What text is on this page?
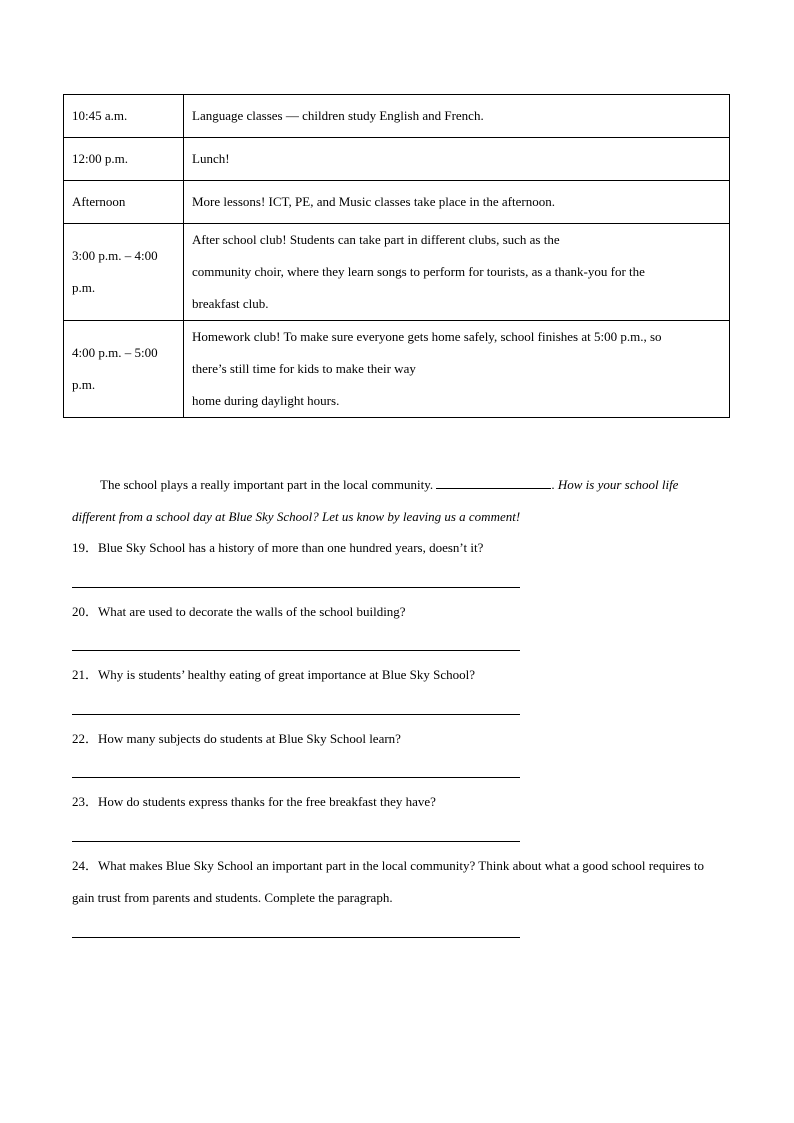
10:45 a.m.	Language classes — children study English and French.
12:00 p.m.	Lunch!
Afternoon	More lessons! ICT, PE, and Music classes take place in the afternoon.
3:00 p.m. – 4:00 p.m.	After school club! Students can take part in different clubs, such as the
community choir, where they learn songs to perform for tourists, as a thank-you for the
breakfast club.

4:00 p.m. – 5:00 p.m.	Homework club! To make sure everyone gets home safely, school finishes at 5:00 p.m., so
there’s still time for kids to make their way
home during daylight hours.
The school plays a really important part in the local community.	. How is your school life different from a school day at Blue Sky School? Let us know by leaving us a comment!
19．Blue Sky School has a history of more than one hundred years, doesn’t it?
20．What are used to decorate the walls of the school building?
21．Why is students’ healthy eating of great importance at Blue Sky School?
22．How many subjects do students at Blue Sky School learn?
23．How do students express thanks for the free breakfast they have?
24．What makes Blue Sky School an important part in the local community? Think about what a good school requires to gain trust from parents and students. Complete the paragraph.
